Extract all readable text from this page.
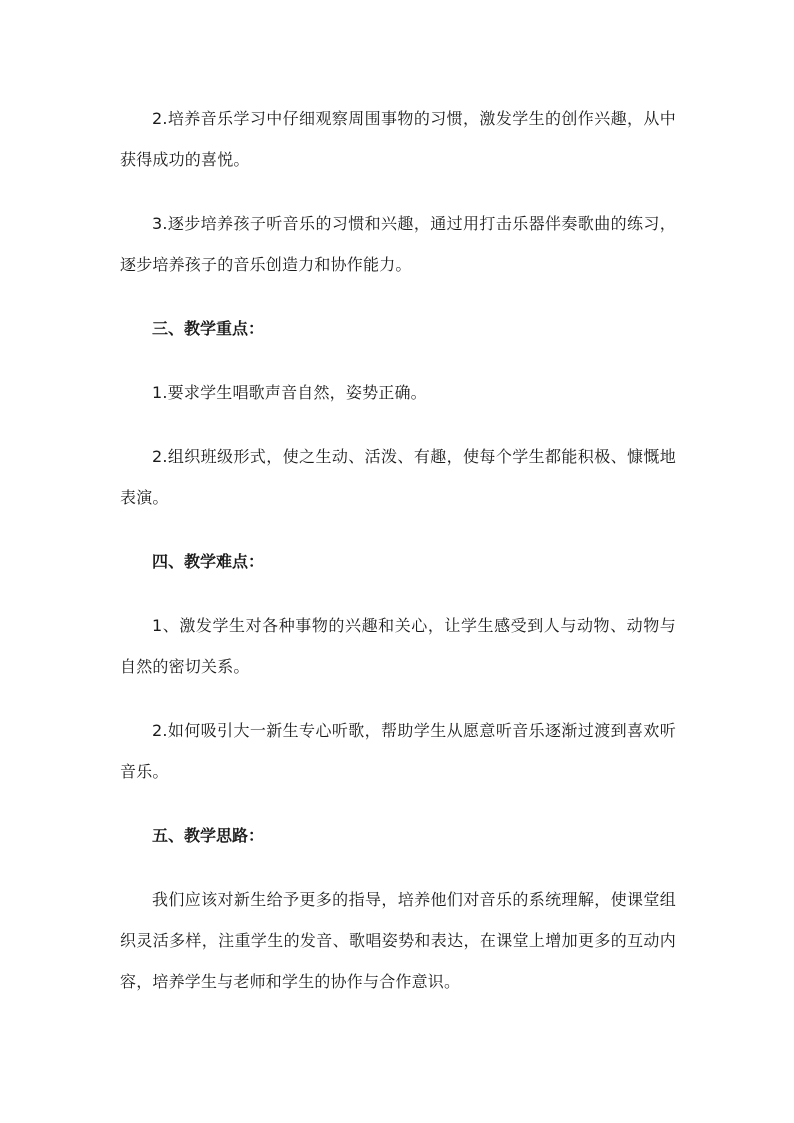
2.培养音乐学习中仔细观察周围事物的习惯，激发学生的创作兴趣，从中获得成功的喜悦。

3.逐步培养孩子听音乐的习惯和兴趣，通过用打击乐器伴奏歌曲的练习，逐步培养孩子的音乐创造力和协作能力。

三、教学重点：

1.要求学生唱歌声音自然，姿势正确。

2.组织班级形式，使之生动、活泼、有趣，使每个学生都能积极、慷慨地表演。

四、教学难点：

1、激发学生对各种事物的兴趣和关心，让学生感受到人与动物、动物与自然的密切关系。

2.如何吸引大一新生专心听歌，帮助学生从愿意听音乐逐渐过渡到喜欢听音乐。

五、教学思路：

我们应该对新生给予更多的指导，培养他们对音乐的系统理解，使课堂组织灵活多样，注重学生的发音、歌唱姿势和表达，在课堂上增加更多的互动内容，培养学生与老师和学生的协作与合作意识。
